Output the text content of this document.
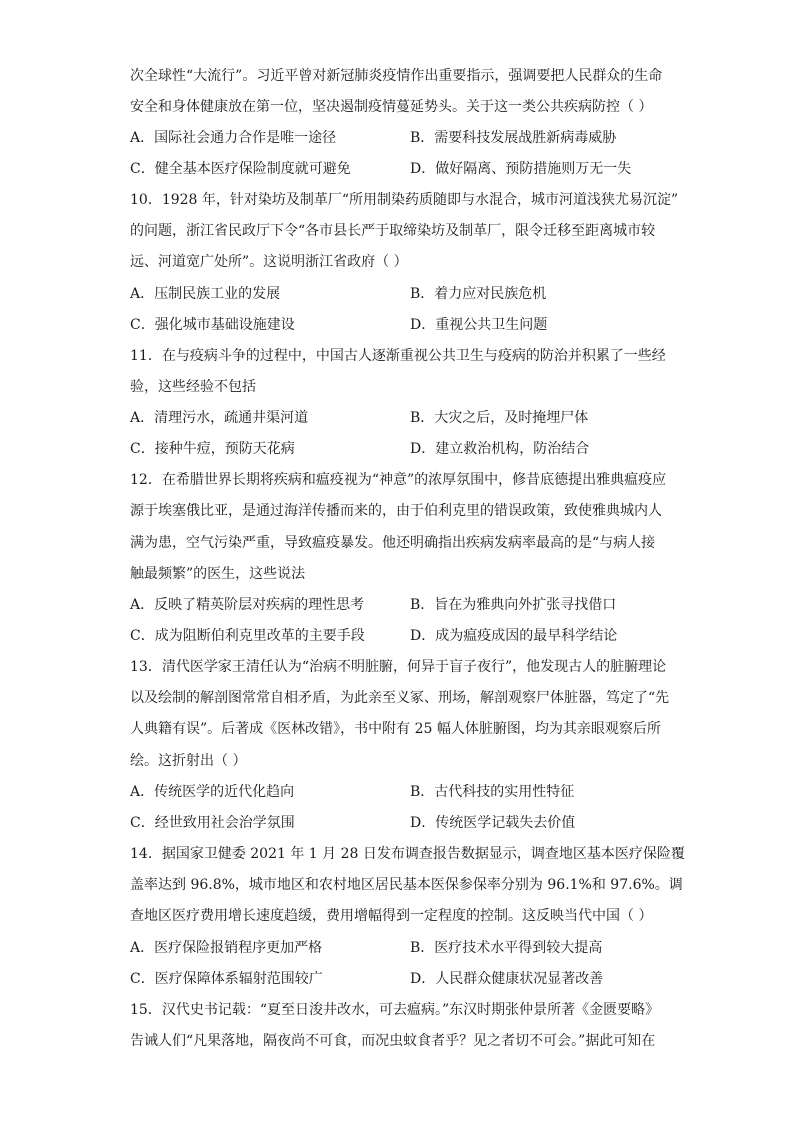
次全球性“大流行”。习近平曾对新冠肺炎疫情作出重要指示，强调要把人民群众的生命
安全和身体健康放在第一位，坚决遏制疫情蔓延势头。关于这一类公共疾病防控（ ）
A．国际社会通力合作是唯一途径	B．需要科技发展战胜新病毒威胁
C．健全基本医疗保险制度就可避免	D．做好隔离、预防措施则万无一失
10．1928 年，针对染坊及制革厂“所用制染药质随即与水混合，城市河道浅狭尤易沉淀”
的问题，浙江省民政厅下令“各市县长严于取缔染坊及制革厂，限令迁移至距离城市较
远、河道宽广处所”。这说明浙江省政府（ ）
A．压制民族工业的发展	B．着力应对民族危机
C．强化城市基础设施建设	D．重视公共卫生问题
11．在与疫病斗争的过程中，中国古人逐渐重视公共卫生与疫病的防治并积累了一些经
验，这些经验不包括
A．清理污水，疏通井渠河道	B．大灾之后，及时掩埋尸体
C．接种牛痘，预防天花病	D．建立救治机构，防治结合
12．在希腊世界长期将疾病和瘟疫视为“神意”的浓厚氛围中，修昔底德提出雅典瘟疫应
源于埃塞俄比亚，是通过海洋传播而来的，由于伯利克里的错误政策，致使雅典城内人
满为患，空气污染严重，导致瘟疫暴发。他还明确指出疾病发病率最高的是“与病人接
触最频繁”的医生，这些说法
A．反映了精英阶层对疾病的理性思考	B．旨在为雅典向外扩张寻找借口
C．成为阻断伯利克里改革的主要手段	D．成为瘟疫成因的最早科学结论
13．清代医学家王清任认为“治病不明脏腑，何异于盲子夜行”，他发现古人的脏腑理论
以及绘制的解剖图常常自相矛盾，为此亲至义冢、刑场，解剖观察尸体脏器，笃定了“先
人典籍有误”。后著成《医林改错》，书中附有 25 幅人体脏腑图，均为其亲眼观察后所
绘。这折射出（ ）
A．传统医学的近代化趋向	B．古代科技的实用性特征
C．经世致用社会治学氛围	D．传统医学记载失去价值
14．据国家卫健委 2021 年 1 月 28 日发布调查报告数据显示，调查地区基本医疗保险覆
盖率达到 96.8%，城市地区和农村地区居民基本医保参保率分别为 96.1%和 97.6%。调
查地区医疗费用增长速度趋缓，费用增幅得到一定程度的控制。这反映当代中国（ ）
A．医疗保险报销程序更加严格	B．医疗技术水平得到较大提高
C．医疗保障体系辐射范围较广	D．人民群众健康状况显著改善
15．汉代史书记载：“夏至日浚井改水，可去瘟病。”东汉时期张仲景所著《金匮要略》
告诫人们“凡果落地，隔夜尚不可食，而况虫蚊食者乎？见之者切不可会。”据此可知在
